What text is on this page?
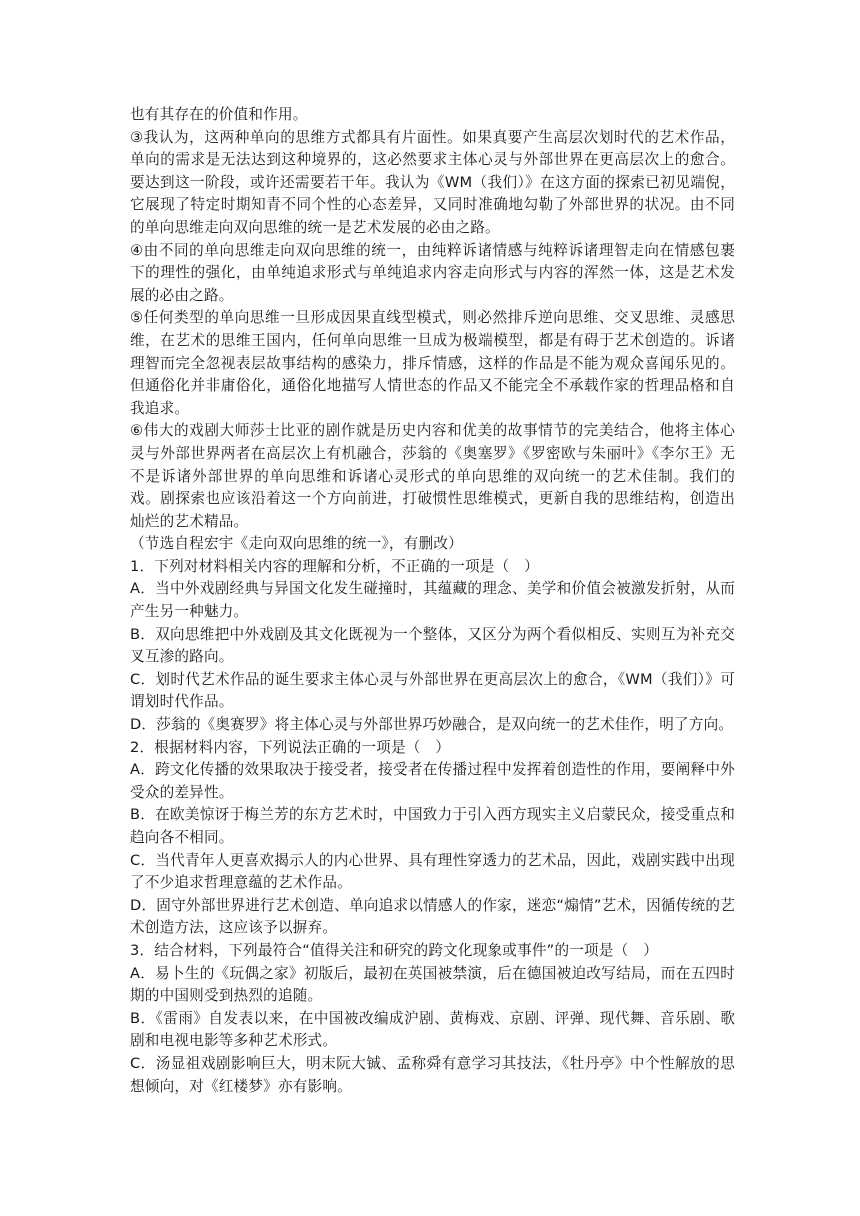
也有其存在的价值和作用。

③我认为，这两种单向的思维方式都具有片面性。如果真要产生高层次划时代的艺术作品，单向的需求是无法达到这种境界的，这必然要求主体心灵与外部世界在更高层次上的愈合。要达到这一阶段，或许还需要若干年。我认为《WM（我们）》在这方面的探索已初见端倪，它展现了特定时期知青不同个性的心态差异，又同时准确地勾勒了外部世界的状况。由不同的单向思维走向双向思维的统一是艺术发展的必由之路。

④由不同的单向思维走向双向思维的统一，由纯粹诉诸情感与纯粹诉诸理智走向在情感包裹下的理性的强化，由单纯追求形式与单纯追求内容走向形式与内容的浑然一体，这是艺术发展的必由之路。

⑤任何类型的单向思维一旦形成因果直线型模式，则必然排斥逆向思维、交叉思维、灵感思维，在艺术的思维王国内，任何单向思维一旦成为极端模型，都是有碍于艺术创造的。诉诸理智而完全忽视表层故事结构的感染力，排斥情感，这样的作品是不能为观众喜闻乐见的。但通俗化并非庸俗化，通俗化地描写人情世态的作品又不能完全不承载作家的哲理品格和自我追求。

⑥伟大的戏剧大师莎士比亚的剧作就是历史内容和优美的故事情节的完美结合，他将主体心灵与外部世界两者在高层次上有机融合，莎翁的《奥塞罗》《罗密欧与朱丽叶》《李尔王》无不是诉诸外部世界的单向思维和诉诸心灵形式的单向思维的双向统一的艺术佳制。我们的戏。剧探索也应该沿着这一个方向前进，打破惯性思维模式，更新自我的思维结构，创造出灿烂的艺术精品。

（节选自程宏宇《走向双向思维的统一》，有删改）

1．下列对材料相关内容的理解和分析，不正确的一项是（　）

A．当中外戏剧经典与异国文化发生碰撞时，其蕴藏的理念、美学和价值会被激发折射，从而产生另一种魅力。

B．双向思维把中外戏剧及其文化既视为一个整体，又区分为两个看似相反、实则互为补充交叉互渗的路向。

C．划时代艺术作品的诞生要求主体心灵与外部世界在更高层次上的愈合，《WM（我们）》可谓划时代作品。

D．莎翁的《奥赛罗》将主体心灵与外部世界巧妙融合，是双向统一的艺术佳作，明了方向。

2．根据材料内容，下列说法正确的一项是（　）

A．跨文化传播的效果取决于接受者，接受者在传播过程中发挥着创造性的作用，要阐释中外受众的差异性。

B．在欧美惊讶于梅兰芳的东方艺术时，中国致力于引入西方现实主义启蒙民众，接受重点和趋向各不相同。

C．当代青年人更喜欢揭示人的内心世界、具有理性穿透力的艺术品，因此，戏剧实践中出现了不少追求哲理意蕴的艺术作品。

D．固守外部世界进行艺术创造、单向追求以情感人的作家，迷恋“煽情”艺术，因循传统的艺术创造方法，这应该予以摒弃。

3．结合材料，下列最符合“值得关注和研究的跨文化现象或事件”的一项是（　）

A．易卜生的《玩偶之家》初版后，最初在英国被禁演，后在德国被迫改写结局，而在五四时期的中国则受到热烈的追随。

B．《雷雨》自发表以来，在中国被改编成沪剧、黄梅戏、京剧、评弹、现代舞、音乐剧、歌剧和电视电影等多种艺术形式。

C．汤显祖戏剧影响巨大，明末阮大铖、孟称舜有意学习其技法，《牡丹亭》中个性解放的思想倾向，对《红楼梦》亦有影响。
